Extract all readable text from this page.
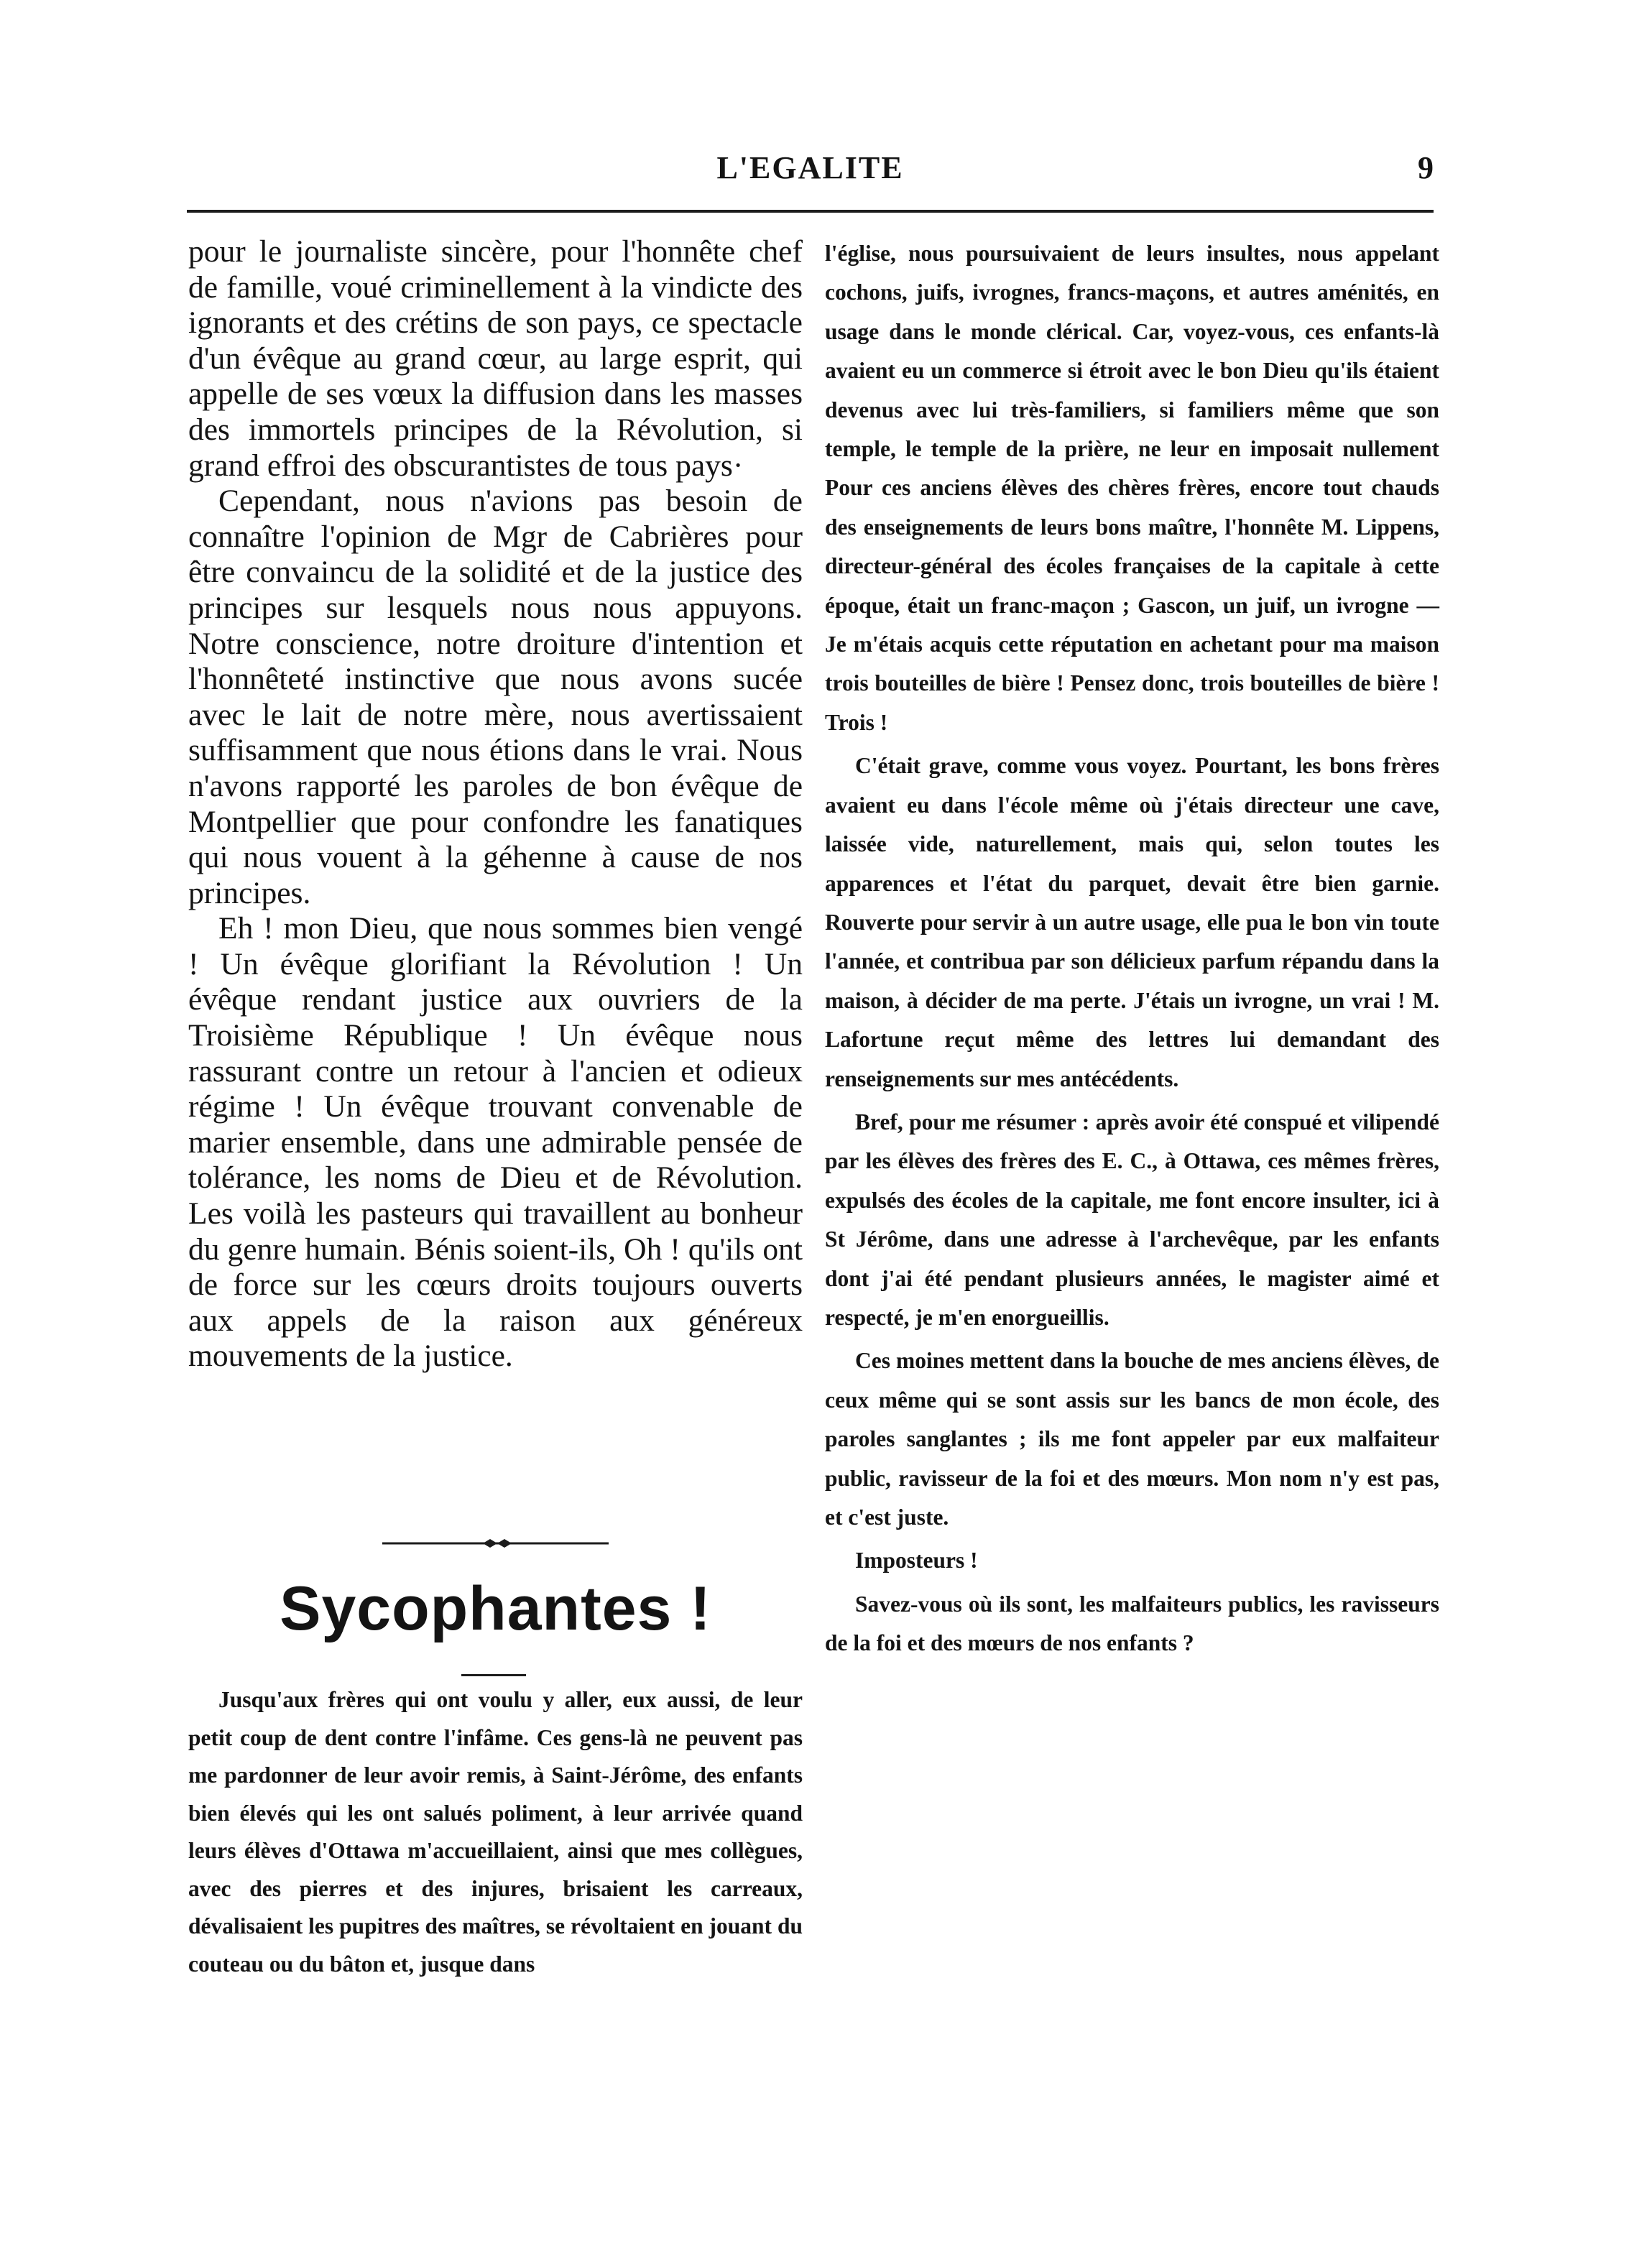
L'EGALITE	9

pour le journaliste sincère, pour l'honnête chef de famille, voué criminellement à la vindicte des ignorants et des crétins de son pays, ce spectacle d'un évêque au grand cœur, au large esprit, qui appelle de ses vœux la diffusion dans les masses des immortels principes de la Révolution, si grand effroi des obscurantistes de tous pays·

Cependant, nous n'avions pas besoin de connaître l'opinion de Mgr de Cabrières pour être convaincu de la solidité et de la justice des principes sur lesquels nous nous appuyons. Notre conscience, notre droiture d'intention et l'honnêteté instinctive que nous avons sucée avec le lait de notre mère, nous avertissaient suffisamment que nous étions dans le vrai. Nous n'avons rapporté les paroles de bon évêque de Montpellier que pour confondre les fanatiques qui nous vouent à la géhenne à cause de nos principes.

Eh ! mon Dieu, que nous sommes bien vengé ! Un évêque glorifiant la Révolution ! Un évêque rendant justice aux ouvriers de la Troisième République ! Un évêque nous rassurant contre un retour à l'ancien et odieux régime ! Un évêque trouvant convenable de marier ensemble, dans une admirable pensée de tolérance, les noms de Dieu et de Révolution. Les voilà les pasteurs qui travaillent au bonheur du genre humain. Bénis soient-ils, Oh ! qu'ils ont de force sur les cœurs droits toujours ouverts aux appels de la raison aux généreux mouvements de la justice.

Sycophantes !

Jusqu'aux frères qui ont voulu y aller, eux aussi, de leur petit coup de dent contre l'infâme. Ces gens-là ne peuvent pas me pardonner de leur avoir remis, à Saint-Jérôme, des enfants bien élevés qui les ont salués poliment, à leur arrivée quand leurs élèves d'Ottawa m'accueillaient, ainsi que mes collègues, avec des pierres et des injures, brisaient les carreaux, dévalisaient les pupitres des maîtres, se révoltaient en jouant du couteau ou du bâton et, jusque dans

l'église, nous poursuivaient de leurs insultes, nous appelant cochons, juifs, ivrognes, francs-maçons, et autres aménités, en usage dans le monde clérical. Car, voyez-vous, ces enfants-là avaient eu un commerce si étroit avec le bon Dieu qu'ils étaient devenus avec lui très-familiers, si familiers même que son temple, le temple de la prière, ne leur en imposait nullement Pour ces anciens élèves des chères frères, encore tout chauds des enseignements de leurs bons maître, l'honnête M. Lippens, directeur-général des écoles françaises de la capitale à cette époque, était un franc-maçon ; Gascon, un juif, un ivrogne — Je m'étais acquis cette réputation en achetant pour ma maison trois bouteilles de bière ! Pensez donc, trois bouteilles de bière ! Trois !

C'était grave, comme vous voyez. Pourtant, les bons frères avaient eu dans l'école même où j'étais directeur une cave, laissée vide, naturellement, mais qui, selon toutes les apparences et l'état du parquet, devait être bien garnie. Rouverte pour servir à un autre usage, elle pua le bon vin toute l'année, et contribua par son délicieux parfum répandu dans la maison, à décider de ma perte. J'étais un ivrogne, un vrai ! M. Lafortune reçut même des lettres lui demandant des renseignements sur mes antécédents.

Bref, pour me résumer : après avoir été conspué et vilipendé par les élèves des frères des E. C., à Ottawa, ces mêmes frères, expulsés des écoles de la capitale, me font encore insulter, ici à St Jérôme, dans une adresse à l'archevêque, par les enfants dont j'ai été pendant plusieurs années, le magister aimé et respecté, je m'en enorgueillis.

Ces moines mettent dans la bouche de mes anciens élèves, de ceux même qui se sont assis sur les bancs de mon école, des paroles sanglantes ; ils me font appeler par eux malfaiteur public, ravisseur de la foi et des mœurs. Mon nom n'y est pas, et c'est juste.

Imposteurs !

Savez-vous où ils sont, les malfaiteurs publics, les ravisseurs de la foi et des mœurs de nos enfants ?
